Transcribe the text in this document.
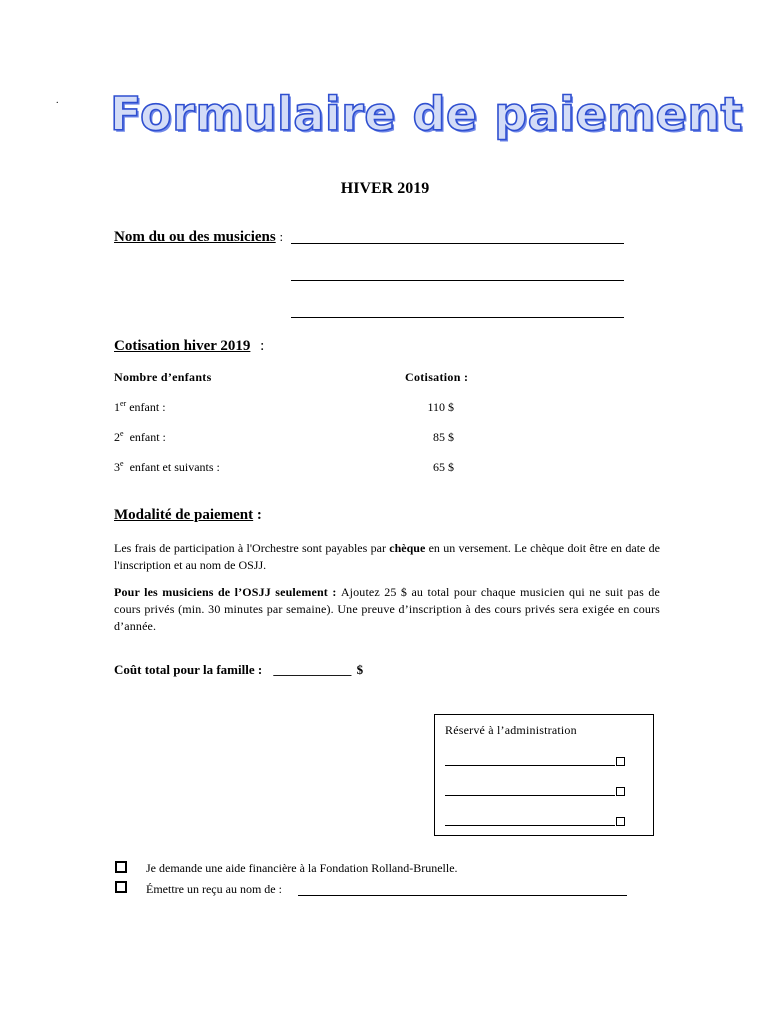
. Formulaire de paiement
HIVER 2019
Nom du ou des musiciens :
Cotisation hiver 2019 :
Nombre d’enfants	Cotisation :
1er enfant :	110 $
2e  enfant :	85 $
3e  enfant et suivants :	65 $
Modalité de paiement :
Les frais de participation à l'Orchestre sont payables par chèque en un versement. Le chèque doit être en date de l'inscription et au nom de OSJJ.
Pour les musiciens de l’OSJJ seulement : Ajoutez 25 $ au total pour chaque musicien qui ne suit pas de cours privés (min. 30 minutes par semaine). Une preuve d’inscription à des cours privés sera exigée en cours d’année.
Coût total pour la famille : ____________ $
Réservé à l’administration
Je demande une aide financière à la Fondation Rolland-Brunelle.
Émettre un reçu au nom de :
